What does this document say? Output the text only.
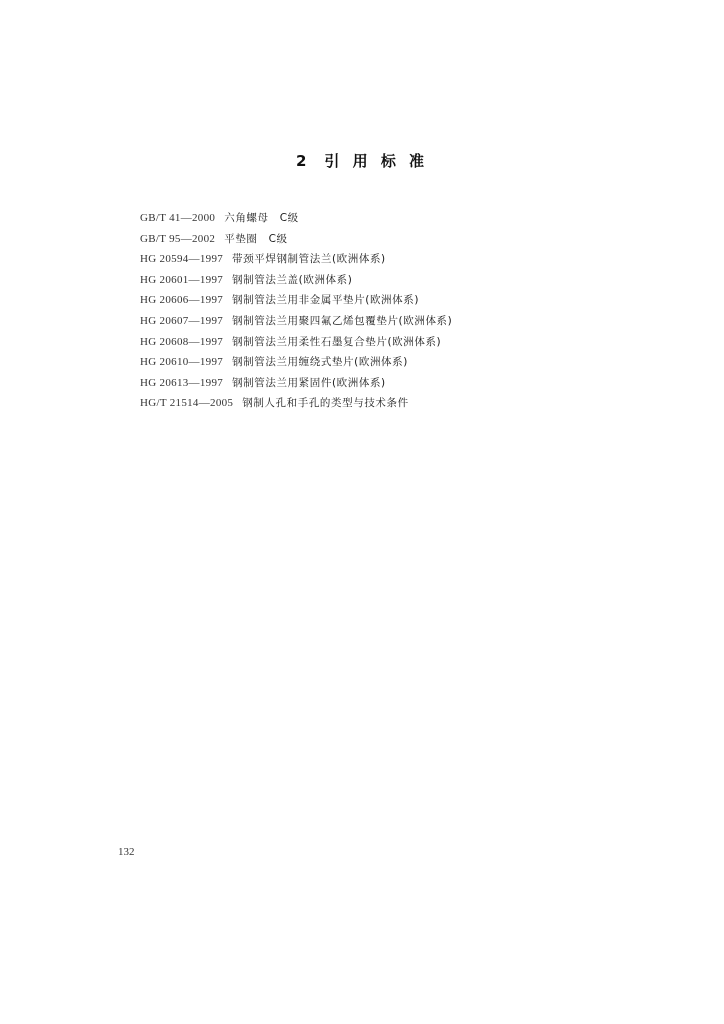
2 引 用 标 准
GB/T 41—2000 六角螺母　C级
GB/T 95—2002 平垫圈　C级
HG 20594—1997 带颈平焊钢制管法兰(欧洲体系)
HG 20601—1997 钢制管法兰盖(欧洲体系)
HG 20606—1997 钢制管法兰用非金属平垫片(欧洲体系)
HG 20607—1997 钢制管法兰用聚四氟乙烯包覆垫片(欧洲体系)
HG 20608—1997 钢制管法兰用柔性石墨复合垫片(欧洲体系)
HG 20610—1997 钢制管法兰用缠绕式垫片(欧洲体系)
HG 20613—1997 钢制管法兰用紧固件(欧洲体系)
HG/T 21514—2005 钢制人孔和手孔的类型与技术条件
132
